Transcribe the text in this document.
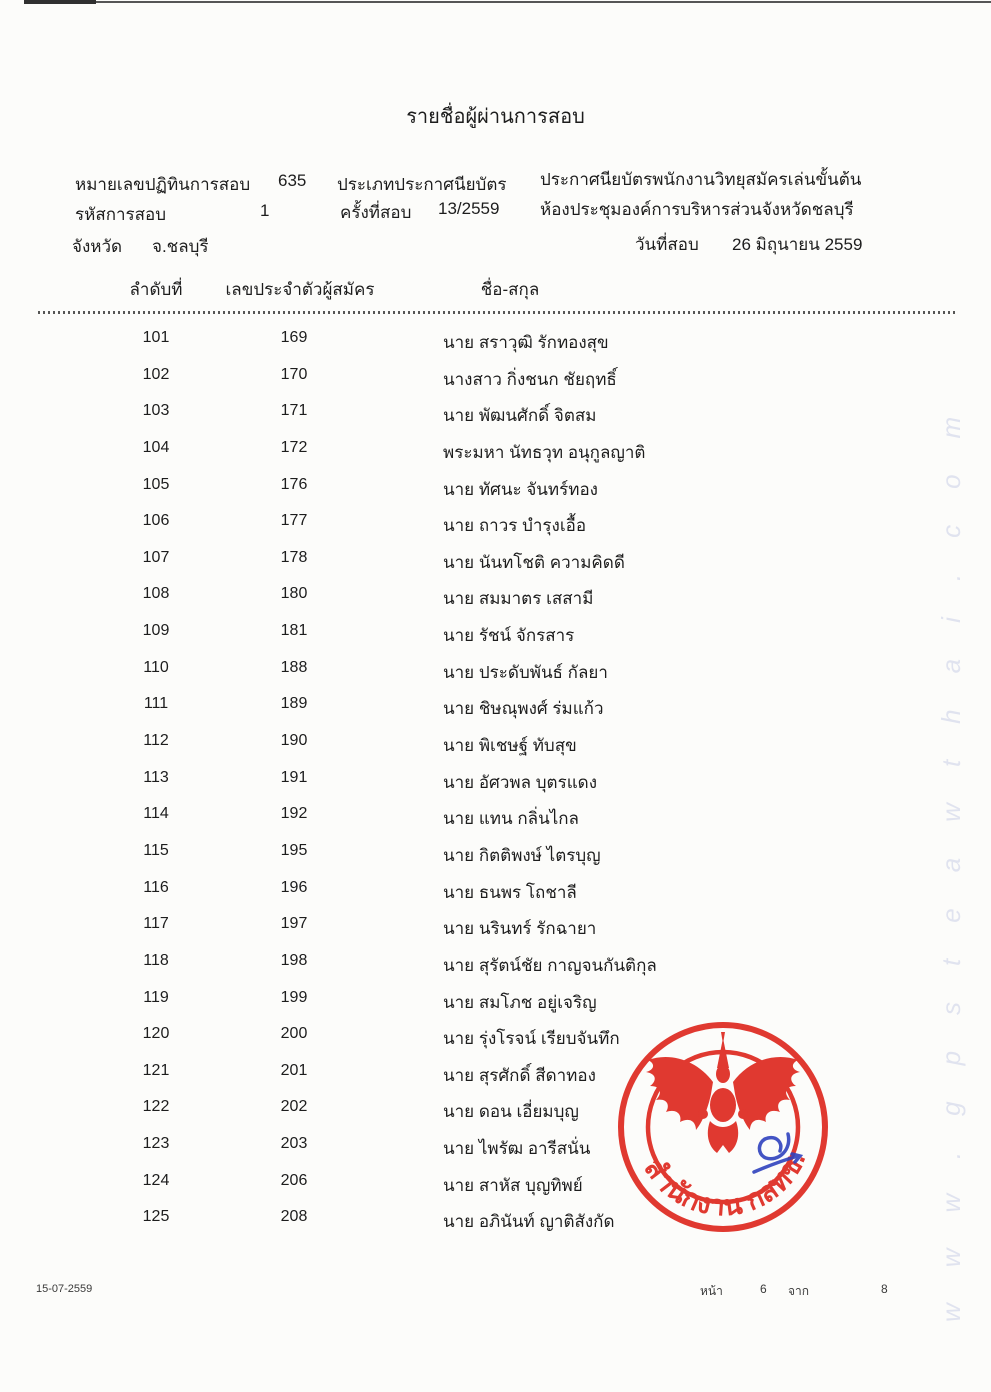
www.gpsteawthai.com
รายชื่อผู้ผ่านการสอบ
หมายเลขปฏิทินการสอบ 635 ประเภทประกาศนียบัตร ประกาศนียบัตรพนักงานวิทยุสมัครเล่นขั้นต้น
รหัสการสอบ	1	ครั้งที่สอบ 13/2559 ห้องประชุมองค์การบริหารส่วนจังหวัดชลบุรี
จังหวัด จ.ชลบุรี	วันที่สอบ 26 มิถุนายน 2559
ลำดับที่	เลขประจำตัวผู้สมัคร	ชื่อ-สกุล
101	169	นาย สราวุฒิ รักทองสุข
102	170	นางสาว กิ่งชนก ชัยฤทธิ์
103	171	นาย พัฒนศักดิ์ จิตสม
104	172	พระมหา นัทธวุท อนุกูลญาติ
105	176	นาย ทัศนะ จันทร์ทอง
106	177	นาย ถาวร บำรุงเอื้อ
107	178	นาย นันทโชติ ความคิดดี
108	180	นาย สมมาตร เสสามี
109	181	นาย รัชน์ จักรสาร
110	188	นาย ประดับพันธ์ กัลยา
111	189	นาย ชิษณุพงศ์ ร่มแก้ว
112	190	นาย พิเชษฐ์ ทับสุข
113	191	นาย อัศวพล บุตรแดง
114	192	นาย แทน กลิ่นไกล
115	195	นาย กิตติพงษ์ ไตรบุญ
116	196	นาย ธนพร โถชาลี
117	197	นาย นรินทร์ รักฉายา
118	198	นาย สุรัตน์ชัย กาญจนกันติกุล
119	199	นาย สมโภช อยู่เจริญ
120	200	นาย รุ่งโรจน์ เรียบจันทึก
121	201	นาย สุรศักดิ์ สีดาทอง
122	202	นาย ดอน เอี่ยมบุญ
123	203	นาย ไพรัฒ อารีสนั่น
124	206	นาย สาหัส บุญทิพย์
125	208	นาย อภินันท์ ญาติสังกัด
สำนักงาน กสทช.
15-07-2559	หน้า	6 จาก	8
